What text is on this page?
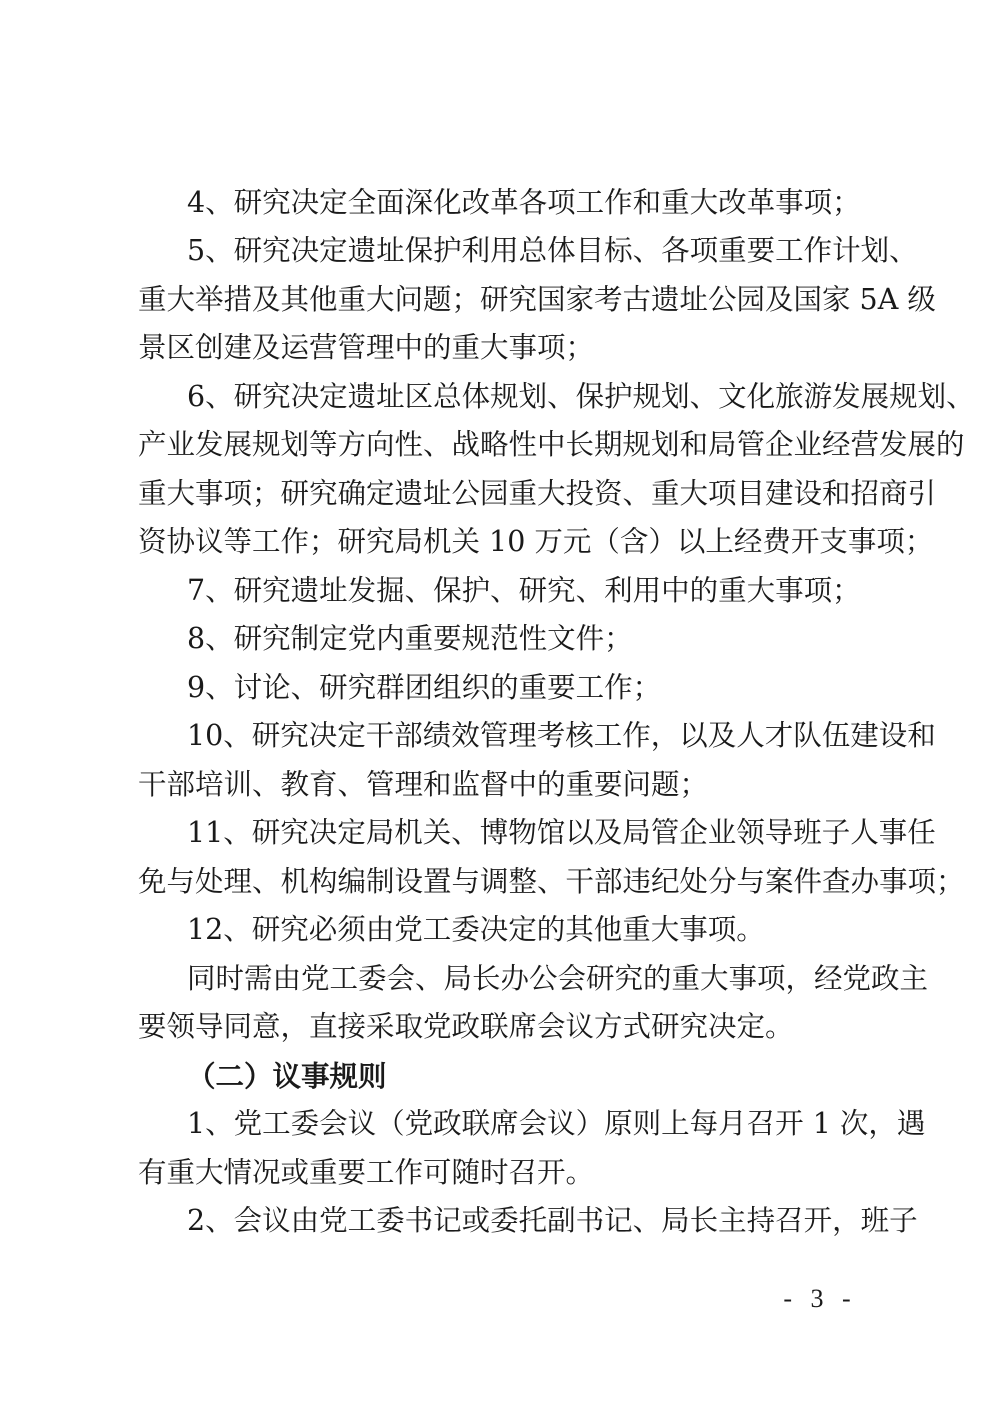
4、研究决定全面深化改革各项工作和重大改革事项；
5、研究决定遗址保护利用总体目标、各项重要工作计划、
重大举措及其他重大问题；研究国家考古遗址公园及国家 5A 级
景区创建及运营管理中的重大事项；
6、研究决定遗址区总体规划、保护规划、文化旅游发展规划、
产业发展规划等方向性、战略性中长期规划和局管企业经营发展的
重大事项；研究确定遗址公园重大投资、重大项目建设和招商引
资协议等工作；研究局机关 10 万元（含）以上经费开支事项；
7、研究遗址发掘、保护、研究、利用中的重大事项；
8、研究制定党内重要规范性文件；
9、讨论、研究群团组织的重要工作；
10、研究决定干部绩效管理考核工作，以及人才队伍建设和
干部培训、教育、管理和监督中的重要问题；
11、研究决定局机关、博物馆以及局管企业领导班子人事任
免与处理、机构编制设置与调整、干部违纪处分与案件查办事项；
12、研究必须由党工委决定的其他重大事项。
同时需由党工委会、局长办公会研究的重大事项，经党政主
要领导同意，直接采取党政联席会议方式研究决定。
（二）议事规则
1、党工委会议（党政联席会议）原则上每月召开 1 次，遇
有重大情况或重要工作可随时召开。
2、会议由党工委书记或委托副书记、局长主持召开，班子
- 3 -
